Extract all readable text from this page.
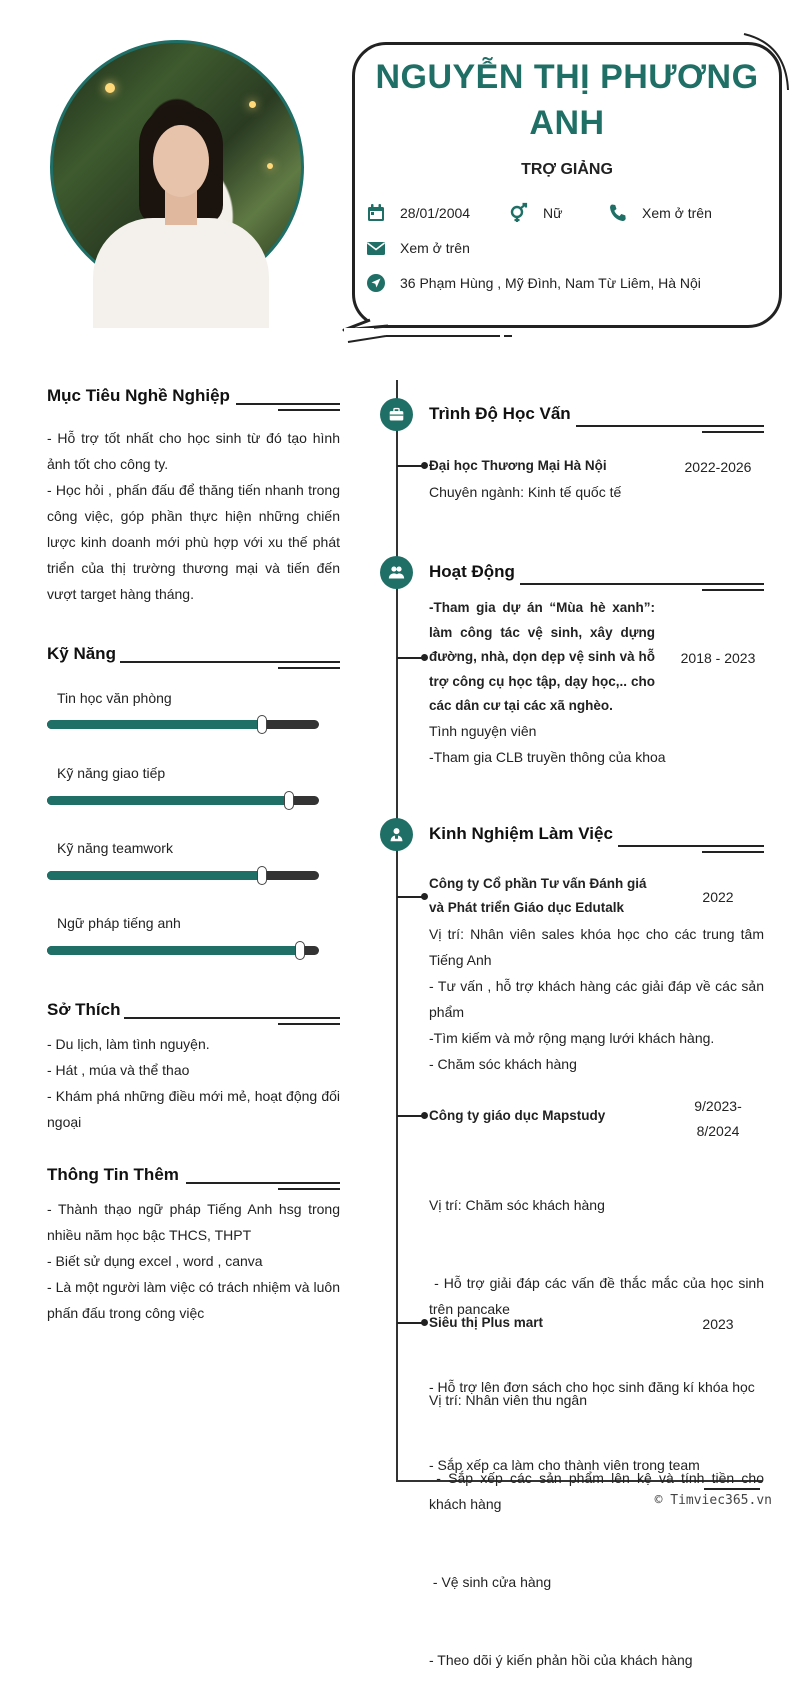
NGUYỄN THỊ PHƯƠNG
ANH
TRỢ GIẢNG
28/01/2004	Nữ	Xem ở trên
Xem ở trên
36 Phạm Hùng , Mỹ Đình, Nam Từ Liêm, Hà Nội
Mục Tiêu Nghề Nghiệp
- Hỗ trợ tốt nhất cho học sinh từ đó tạo hình ảnh tốt cho công ty.
- Học hỏi , phấn đấu để thăng tiến nhanh trong công việc, góp phần thực hiện những chiến lược kinh doanh mới phù hợp với xu thế phát triển của thị trường thương mại và tiến đến vượt target hàng tháng.
Kỹ Năng
Tin học văn phòng
Kỹ năng giao tiếp
Kỹ năng teamwork
Ngữ pháp tiếng anh
Sở Thích
- Du lịch, làm tình nguyện.
- Hát , múa và thể thao
- Khám phá những điều mới mẻ, hoạt động đối ngoại
Thông Tin Thêm
- Thành thạo ngữ pháp Tiếng Anh hsg trong nhiều năm học bậc THCS, THPT
- Biết sử dụng excel , word , canva
- Là một người làm việc có trách nhiệm và luôn phấn đấu trong công việc
Trình Độ Học Vấn
Đại học Thương Mại Hà Nội	2022-2026
Chuyên ngành: Kinh tế quốc tế
Hoạt Động
-Tham gia dự án “Mùa hè xanh”: làm công tác vệ sinh, xây dựng đường, nhà, dọn dẹp vệ sinh và hỗ trợ công cụ học tập, dạy học,.. cho các dân cư tại các xã nghèo.
2018 - 2023
Tình nguyện viên
-Tham gia CLB truyền thông của khoa
Kinh Nghiệm Làm Việc
Công ty Cổ phần Tư vấn Đánh giá và Phát triển Giáo dục Edutalk
2022
Vị trí: Nhân viên sales khóa học cho các trung tâm Tiếng Anh
- Tư vấn , hỗ trợ khách hàng các giải đáp về các sản phẩm
-Tìm kiếm và mở rộng mạng lưới khách hàng.
- Chăm sóc khách hàng
Công ty giáo dục Mapstudy
9/2023-8/2024

Vị trí: Chăm sóc khách hàng

- Hỗ trợ giải đáp các vấn đề thắc mắc của học sinh trên pancake

- Hỗ trợ lên đơn sách cho học sinh đăng kí khóa học

- Sắp xếp ca làm cho thành viên trong team

Siêu thị Plus mart	2023

Vị trí: Nhân viên thu ngân

- Sắp xếp các sản phẩm lên kệ và tính tiền cho khách hàng

- Vệ sinh cửa hàng

- Theo dõi ý kiến phản hồi của khách hàng

© Timviec365.vn
